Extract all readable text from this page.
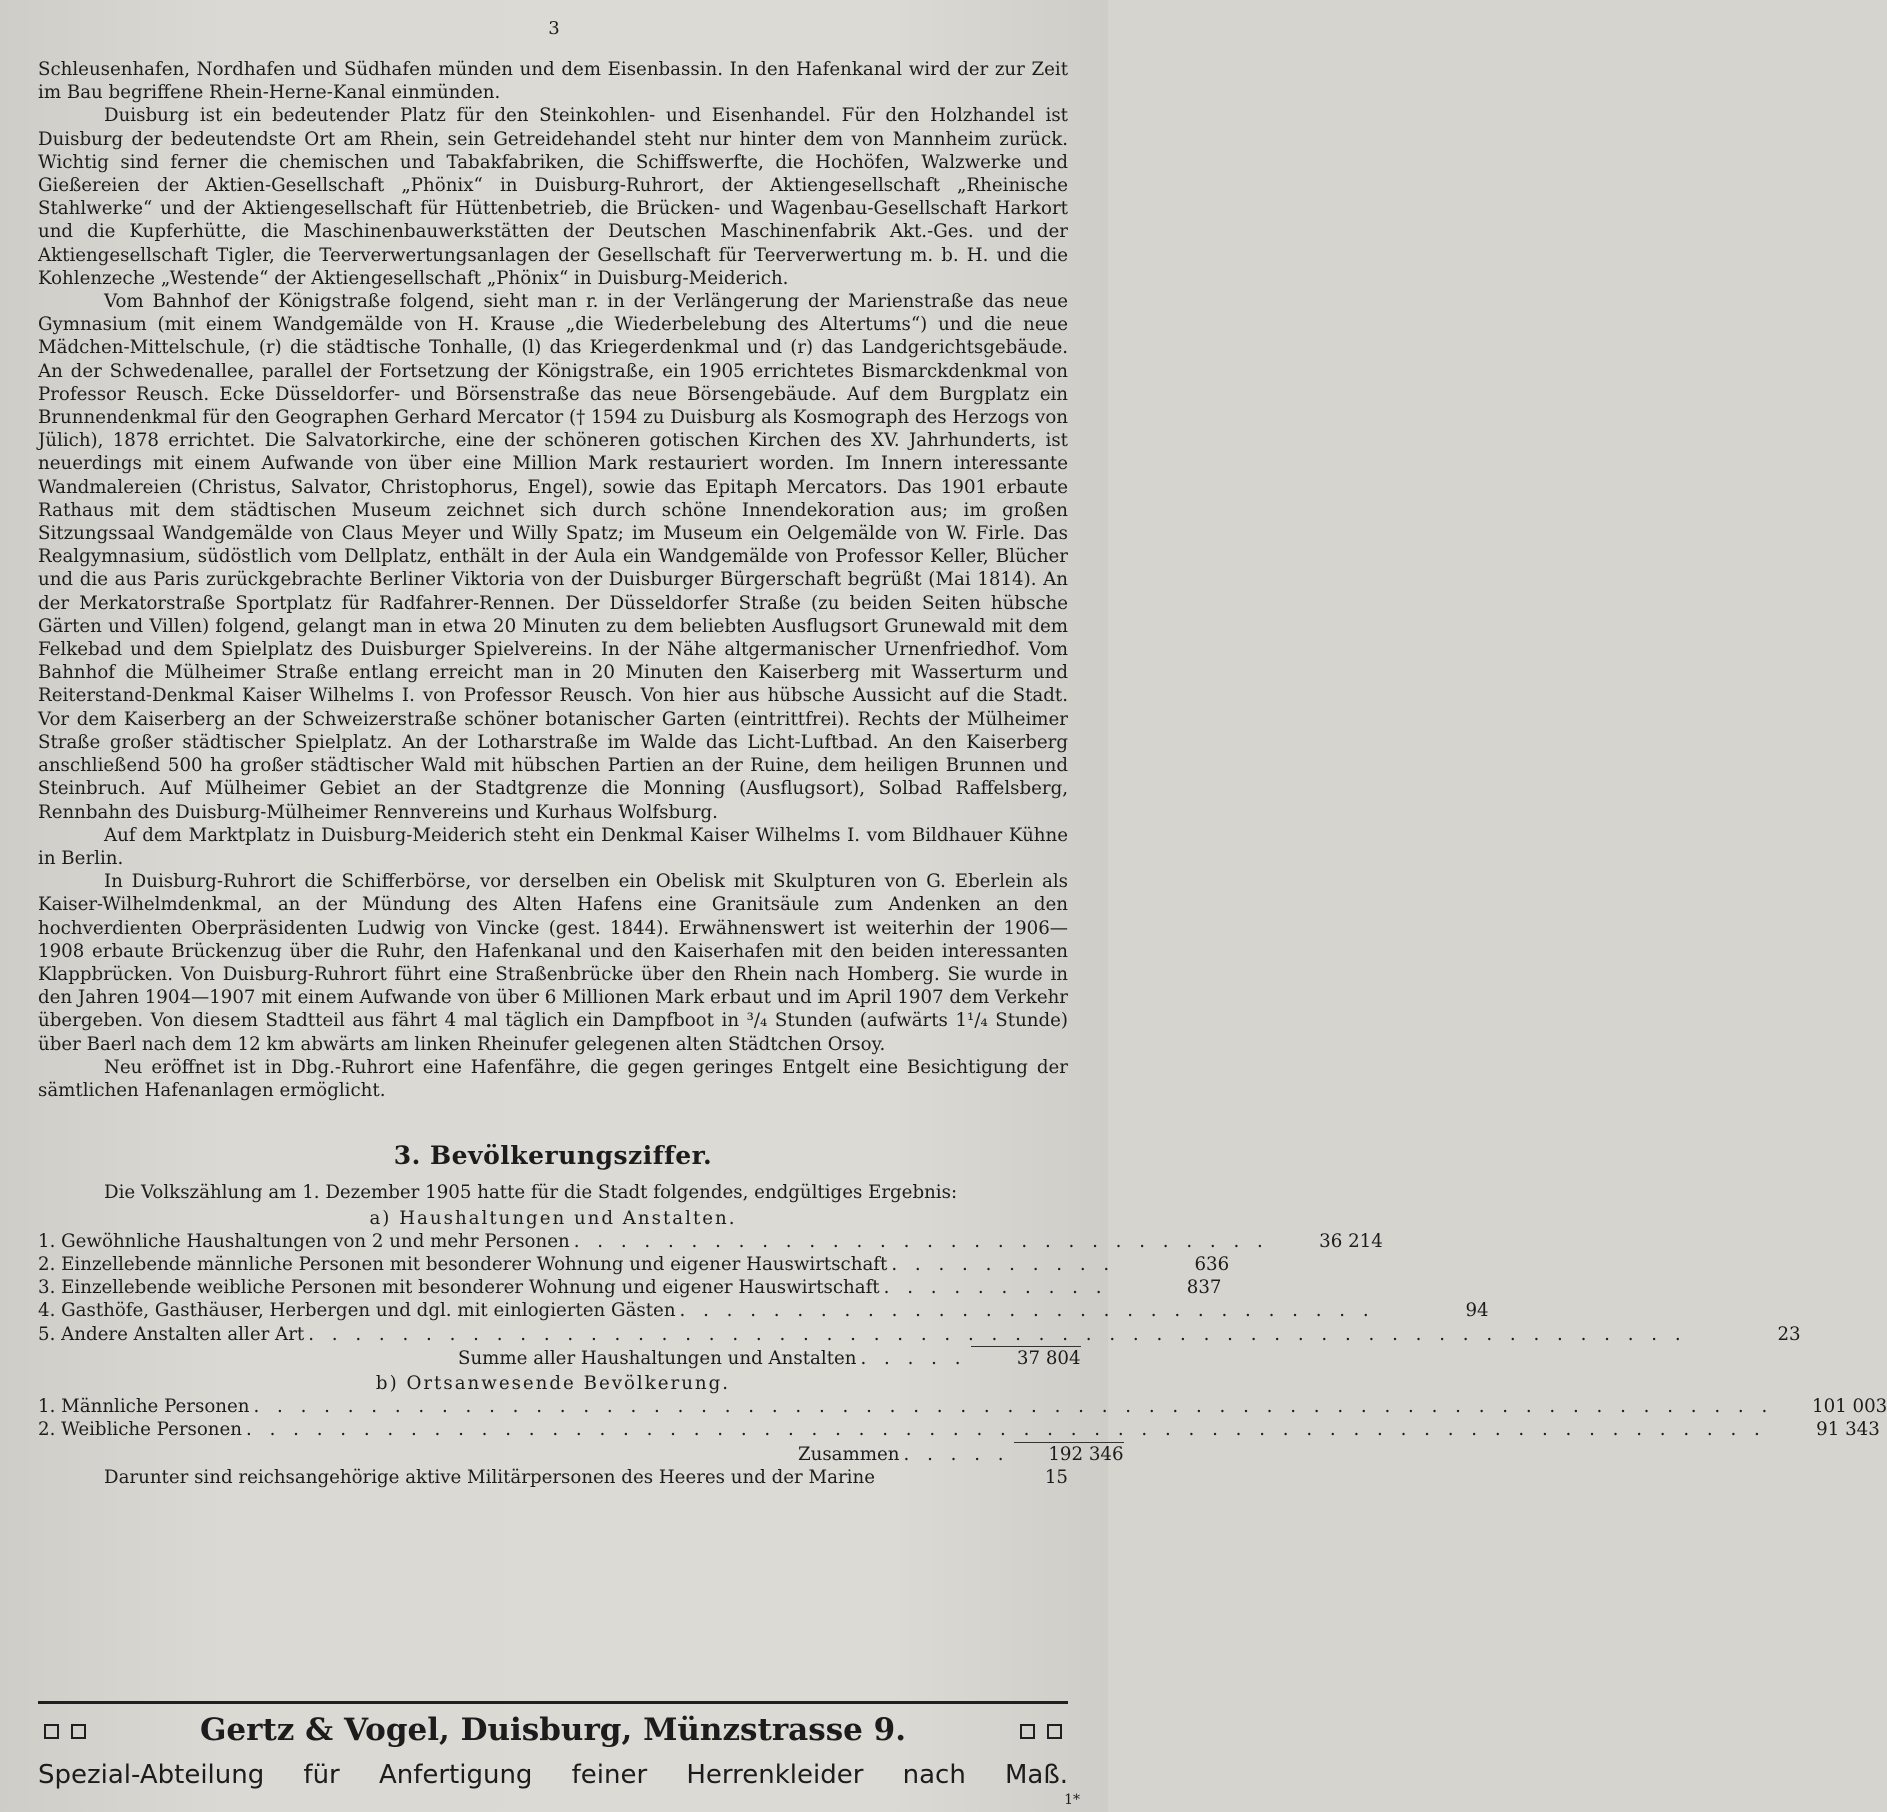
3

Schleusenhafen, Nordhafen und Südhafen münden und dem Eisenbassin. In den Hafenkanal wird der zur Zeit im Bau begriffene Rhein-Herne-Kanal einmünden.

Duisburg ist ein bedeutender Platz für den Steinkohlen- und Eisenhandel. Für den Holzhandel ist Duisburg der bedeutendste Ort am Rhein, sein Getreidehandel steht nur hinter dem von Mannheim zurück. Wichtig sind ferner die chemischen und Tabakfabriken, die Schiffswerfte, die Hochöfen, Walzwerke und Gießereien der Aktien-Gesellschaft „Phönix“ in Duisburg-Ruhrort, der Aktiengesellschaft „Rheinische Stahlwerke“ und der Aktiengesellschaft für Hüttenbetrieb, die Brücken- und Wagenbau-Gesellschaft Harkort und die Kupferhütte, die Maschinenbauwerkstätten der Deutschen Maschinenfabrik Akt.-Ges. und der Aktiengesellschaft Tigler, die Teerverwertungsanlagen der Gesellschaft für Teerverwertung m. b. H. und die Kohlenzeche „Westende“ der Aktiengesellschaft „Phönix“ in Duisburg-Meiderich.

Vom Bahnhof der Königstraße folgend, sieht man r. in der Verlängerung der Marienstraße das neue Gymnasium (mit einem Wandgemälde von H. Krause „die Wiederbelebung des Altertums“) und die neue Mädchen-Mittelschule, (r) die städtische Tonhalle, (l) das Kriegerdenkmal und (r) das Landgerichtsgebäude. An der Schwedenallee, parallel der Fortsetzung der Königstraße, ein 1905 errichtetes Bismarckdenkmal von Professor Reusch. Ecke Düsseldorfer- und Börsenstraße das neue Börsengebäude. Auf dem Burgplatz ein Brunnendenkmal für den Geographen Gerhard Mercator († 1594 zu Duisburg als Kosmograph des Herzogs von Jülich), 1878 errichtet. Die Salvatorkirche, eine der schöneren gotischen Kirchen des XV. Jahrhunderts, ist neuerdings mit einem Aufwande von über eine Million Mark restauriert worden. Im Innern interessante Wandmalereien (Christus, Salvator, Christophorus, Engel), sowie das Epitaph Mercators. Das 1901 erbaute Rathaus mit dem städtischen Museum zeichnet sich durch schöne Innendekoration aus; im großen Sitzungssaal Wandgemälde von Claus Meyer und Willy Spatz; im Museum ein Oelgemälde von W. Firle. Das Realgymnasium, südöstlich vom Dellplatz, enthält in der Aula ein Wandgemälde von Professor Keller, Blücher und die aus Paris zurückgebrachte Berliner Viktoria von der Duisburger Bürgerschaft begrüßt (Mai 1814). An der Merkatorstraße Sportplatz für Radfahrer-Rennen. Der Düsseldorfer Straße (zu beiden Seiten hübsche Gärten und Villen) folgend, gelangt man in etwa 20 Minuten zu dem beliebten Ausflugsort Grunewald mit dem Felkebad und dem Spielplatz des Duisburger Spielvereins. In der Nähe altgermanischer Urnenfriedhof. Vom Bahnhof die Mülheimer Straße entlang erreicht man in 20 Minuten den Kaiserberg mit Wasserturm und Reiterstand-Denkmal Kaiser Wilhelms I. von Professor Reusch. Von hier aus hübsche Aussicht auf die Stadt. Vor dem Kaiserberg an der Schweizerstraße schöner botanischer Garten (eintrittfrei). Rechts der Mülheimer Straße großer städtischer Spielplatz. An der Lotharstraße im Walde das Licht-Luftbad. An den Kaiserberg anschließend 500 ha großer städtischer Wald mit hübschen Partien an der Ruine, dem heiligen Brunnen und Steinbruch. Auf Mülheimer Gebiet an der Stadtgrenze die Monning (Ausflugsort), Solbad Raffelsberg, Rennbahn des Duisburg-Mülheimer Rennvereins und Kurhaus Wolfsburg.

Auf dem Marktplatz in Duisburg-Meiderich steht ein Denkmal Kaiser Wilhelms I. vom Bildhauer Kühne in Berlin.

In Duisburg-Ruhrort die Schifferbörse, vor derselben ein Obelisk mit Skulpturen von G. Eberlein als Kaiser-Wilhelmdenkmal, an der Mündung des Alten Hafens eine Granitsäule zum Andenken an den hochverdienten Oberpräsidenten Ludwig von Vincke (gest. 1844). Erwähnenswert ist weiterhin der 1906—1908 erbaute Brückenzug über die Ruhr, den Hafenkanal und den Kaiserhafen mit den beiden interessanten Klappbrücken. Von Duisburg-Ruhrort führt eine Straßenbrücke über den Rhein nach Homberg. Sie wurde in den Jahren 1904—1907 mit einem Aufwande von über 6 Millionen Mark erbaut und im April 1907 dem Verkehr übergeben. Von diesem Stadtteil aus fährt 4 mal täglich ein Dampfboot in ³/₄ Stunden (aufwärts 1¹/₄ Stunde) über Baerl nach dem 12 km abwärts am linken Rheinufer gelegenen alten Städtchen Orsoy.

Neu eröffnet ist in Dbg.-Ruhrort eine Hafenfähre, die gegen geringes Entgelt eine Besichtigung der sämtlichen Hafenanlagen ermöglicht.

3. Bevölkerungsziffer.

Die Volkszählung am 1. Dezember 1905 hatte für die Stadt folgendes, endgültiges Ergebnis:

a) Haushaltungen und Anstalten.
1. Gewöhnliche Haushaltungen von 2 und mehr Personen . . . . . . . . . . . . . . . . . . . . . . . . . . . . . .	36 214
2. Einzellebende männliche Personen mit besonderer Wohnung und eigener Hauswirtschaft . . . . . . . . . .	636
3. Einzellebende weibliche Personen mit besonderer Wohnung und eigener Hauswirtschaft . . . . . . . . . .	837
4. Gasthöfe, Gasthäuser, Herbergen und dgl. mit einlogierten Gästen . . . . . . . . . . . . . . . . . . . . . . . . . . . . . .	94
5. Andere Anstalten aller Art . . . . . . . . . . . . . . . . . . . . . . . . . . . . . . . . . . . . . . . . . . . . . . . . . . . . . . . . . . .	23
Summe aller Haushaltungen und Anstalten . . . . .	37 804
b) Ortsanwesende Bevölkerung.
1. Männliche Personen . . . . . . . . . . . . . . . . . . . . . . . . . . . . . . . . . . . . . . . . . . . . . . . . . . . . . . . . . . . . . . . . .	101 003
2. Weibliche Personen . . . . . . . . . . . . . . . . . . . . . . . . . . . . . . . . . . . . . . . . . . . . . . . . . . . . . . . . . . . . . . . . .	91 343
Zusammen . . . . .	192 346
Darunter sind reichsangehörige aktive Militärpersonen des Heeres und der Marine	15
Gertz & Vogel, Duisburg, Münzstrasse 9.
Spezial-Abteilung für Anfertigung feiner Herrenkleider nach Maß.
1*
